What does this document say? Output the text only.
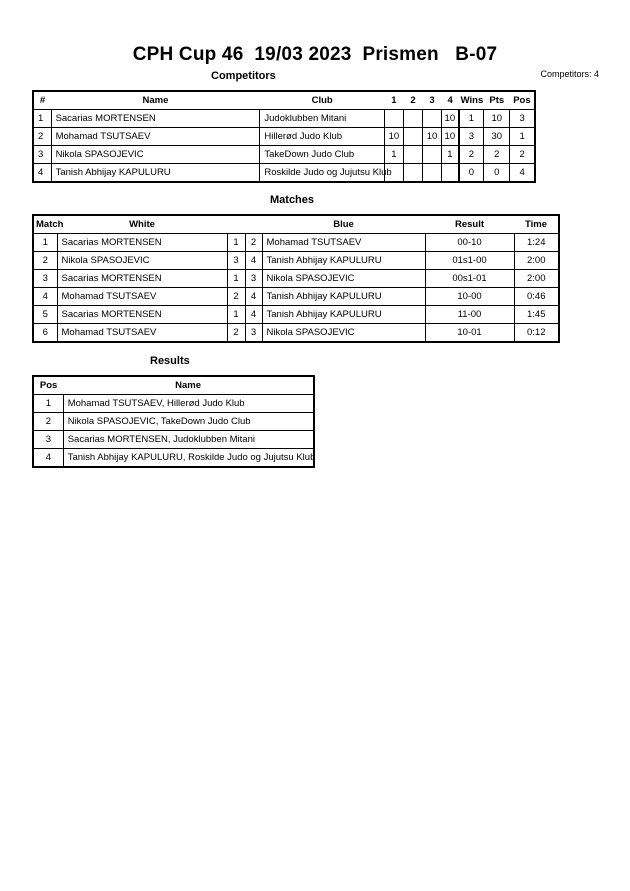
CPH Cup 46  19/03 2023  Prismen   B-07
Competitors: 4
Competitors
#	Name	Club	1	2	3	4	Wins	Pts	Pos
1	Sacarias MORTENSEN	Judoklubben Mitani				10	1	10	3
2	Mohamad TSUTSAEV	Hillerød Judo Klub	10		10	10	3	30	1
3	Nikola SPASOJEVIC	TakeDown Judo Club	1			1	2	2	2
4	Tanish Abhijay KAPULURU	Roskilde Judo og Jujutsu Klub					0	0	4
Matches
Match	White			Blue	Result	Time
1	Sacarias MORTENSEN	1	2	Mohamad TSUTSAEV	00-10	1:24
2	Nikola SPASOJEVIC	3	4	Tanish Abhijay KAPULURU	01s1-00	2:00
3	Sacarias MORTENSEN	1	3	Nikola SPASOJEVIC	00s1-01	2:00
4	Mohamad TSUTSAEV	2	4	Tanish Abhijay KAPULURU	10-00	0:46
5	Sacarias MORTENSEN	1	4	Tanish Abhijay KAPULURU	11-00	1:45
6	Mohamad TSUTSAEV	2	3	Nikola SPASOJEVIC	10-01	0:12
Results
Pos	Name
1	Mohamad TSUTSAEV, Hillerød Judo Klub
2	Nikola SPASOJEVIC, TakeDown Judo Club
3	Sacarias MORTENSEN, Judoklubben Mitani
4	Tanish Abhijay KAPULURU, Roskilde Judo og Jujutsu Klub
